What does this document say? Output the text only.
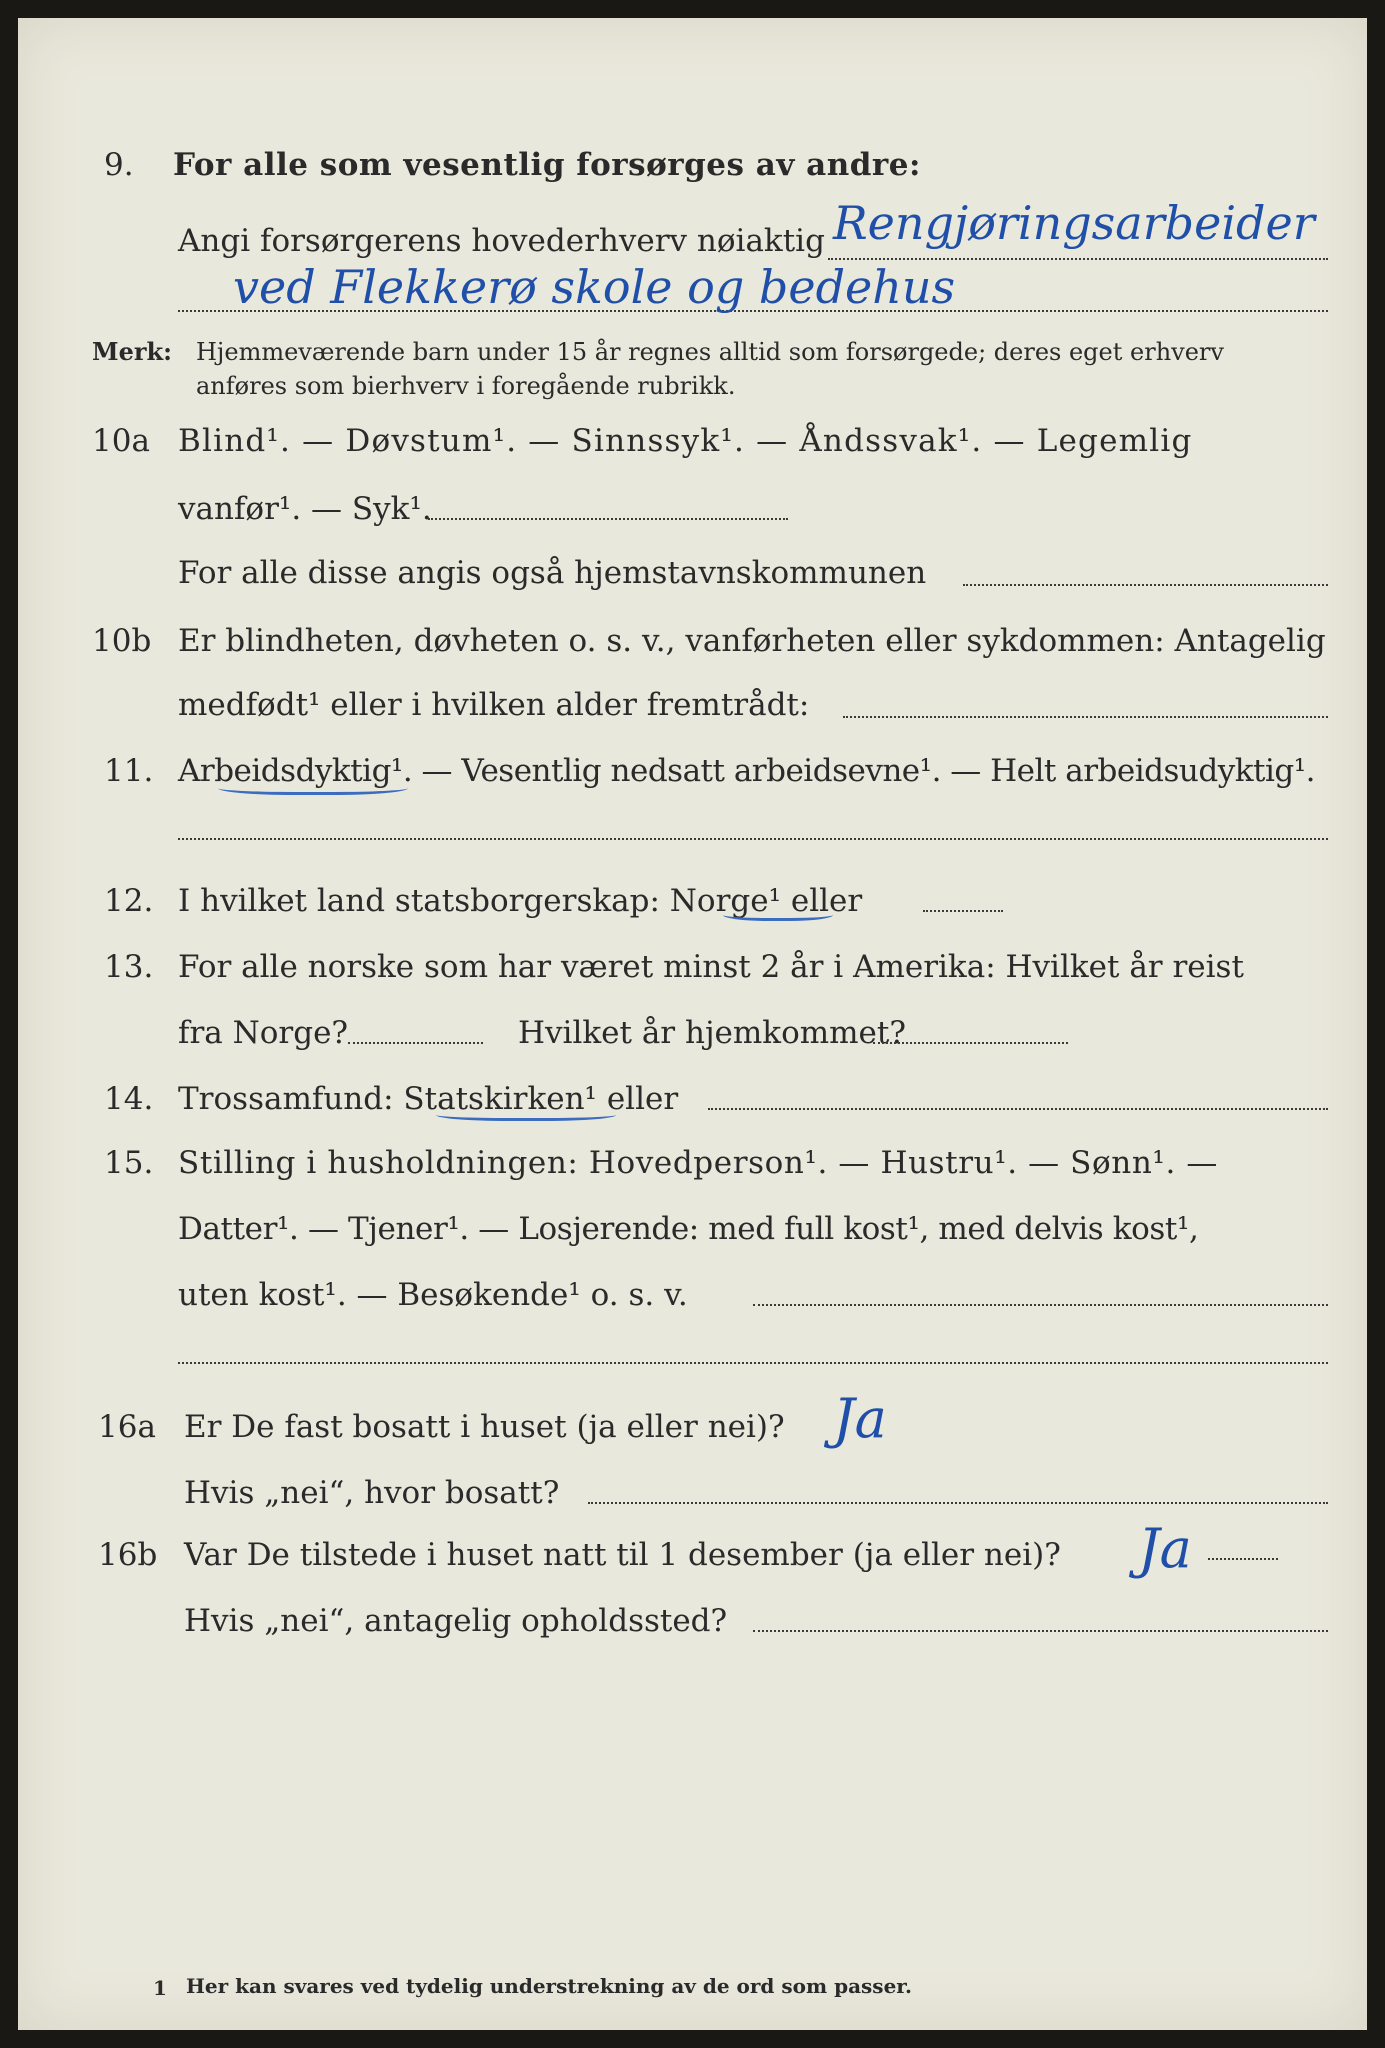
9. For alle som vesentlig forsørges av andre:
Angi forsørgerens hovederhverv nøiaktig Rengjøringsarbeider
ved Flekkerø skole og bedehus
Merk: Hjemmeværende barn under 15 år regnes alltid som forsørgede; deres eget erhverv
anføres som bierhverv i foregående rubrikk.
10a Blind¹. — Døvstum¹. — Sinnssyk¹. — Åndssvak¹. — Legemlig
vanfør¹. — Syk¹.
For alle disse angis også hjemstavnskommunen
10b Er blindheten, døvheten o. s. v., vanførheten eller sykdommen: Antagelig
medfødt¹ eller i hvilken alder fremtrådt:
11. Arbeidsdyktig¹. — Vesentlig nedsatt arbeidsevne¹. — Helt arbeidsudyktig¹.
12. I hvilket land statsborgerskap: Norge¹ eller
13. For alle norske som har været minst 2 år i Amerika: Hvilket år reist
fra Norge?	Hvilket år hjemkommet?
14. Trossamfund: Statskirken¹ eller
15. Stilling i husholdningen: Hovedperson¹. — Hustru¹. — Sønn¹. —
Datter¹. — Tjener¹. — Losjerende: med full kost¹, med delvis kost¹,
uten kost¹. — Besøkende¹ o. s. v.
16a Er De fast bosatt i huset (ja eller nei)? Ja
Hvis „nei“, hvor bosatt?
16b Var De tilstede i huset natt til 1 desember (ja eller nei)? Ja
Hvis „nei“, antagelig opholdssted?
1 Her kan svares ved tydelig understrekning av de ord som passer.
